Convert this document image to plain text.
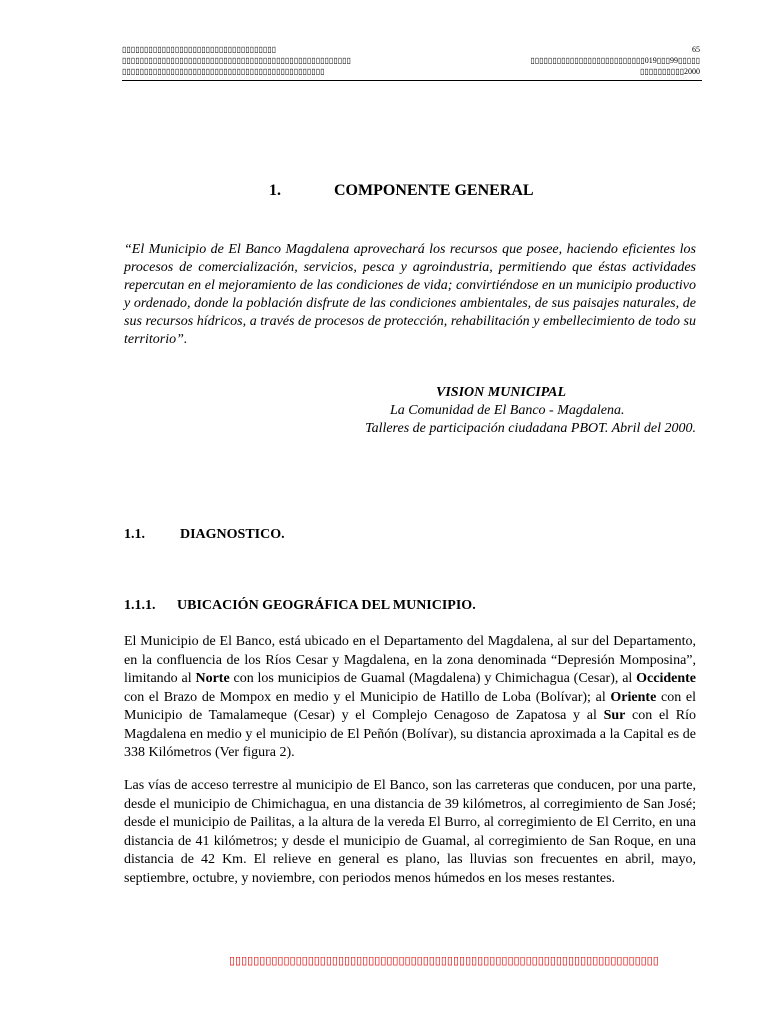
▯▯▯▯▯▯▯▯▯▯▯▯▯▯▯▯▯▯▯▯▯▯▯▯▯▯▯▯▯▯▯▯▯▯▯
▯▯▯▯▯▯▯▯▯▯▯▯▯▯▯▯▯▯▯▯▯▯▯▯▯▯▯▯▯▯▯▯▯▯▯▯▯▯▯▯▯▯▯▯▯▯▯▯▯▯▯▯
▯▯▯▯▯▯▯▯▯▯▯▯▯▯▯▯▯▯▯▯▯▯▯▯▯▯▯▯▯▯▯▯▯▯▯▯▯▯▯▯▯▯▯▯▯▯
65
▯▯▯▯▯▯▯▯▯▯▯▯▯▯▯▯▯▯▯▯▯▯▯▯▯▯019▯▯▯99▯▯▯▯▯
▯▯▯▯▯▯▯▯▯▯2000
1.	COMPONENTE GENERAL

“El Municipio de El Banco Magdalena aprovechará los recursos que posee, haciendo eficientes los procesos de comercialización, servicios, pesca y agroindustria, permitiendo que éstas actividades repercutan en el mejoramiento de las condiciones de vida; convirtiéndose en un municipio productivo y ordenado, donde la población disfrute de las condiciones ambientales, de sus paisajes naturales, de sus recursos hídricos, a través de procesos de protección, rehabilitación y embellecimiento de todo su territorio”.

VISION MUNICIPAL
La Comunidad de El Banco - Magdalena.
Talleres de participación ciudadana PBOT. Abril del 2000.
1.1.	DIAGNOSTICO.
1.1.1. UBICACIÓN GEOGRÁFICA DEL MUNICIPIO.

El Municipio de El Banco, está ubicado en el Departamento del Magdalena, al sur del Departamento, en la confluencia de los Ríos Cesar y Magdalena, en la zona denominada “Depresión Momposina”, limitando al Norte con los municipios de Guamal (Magdalena) y Chimichagua (Cesar), al Occidente con el Brazo de Mompox en medio y el Municipio de Hatillo de Loba (Bolívar); al Oriente con el Municipio de Tamalameque (Cesar) y el Complejo Cenagoso de Zapatosa y al Sur con el Río Magdalena en medio y el municipio de El Peñón (Bolívar), su distancia aproximada a la Capital es de 338 Kilómetros (Ver figura 2).

Las vías de acceso terrestre al municipio de El Banco, son las carreteras que conducen, por una parte, desde el municipio de Chimichagua, en una distancia de 39 kilómetros, al corregimiento de San José; desde el municipio de Pailitas, a la altura de la vereda El Burro, al corregimiento de El Cerrito, en una distancia de 41 kilómetros; y desde el municipio de Guamal, al corregimiento de San Roque, en una distancia de 42 Km. El relieve en general es plano, las lluvias son frecuentes en abril, mayo, septiembre, octubre, y noviembre, con periodos menos húmedos en los meses restantes.

▯▯▯▯▯▯▯▯▯▯▯▯▯▯▯▯▯▯▯▯▯▯▯▯▯▯▯▯▯▯▯▯▯▯▯▯▯▯▯▯▯▯▯▯▯▯▯▯▯▯▯▯▯▯▯▯▯▯▯▯▯▯▯▯▯▯▯▯▯▯▯
